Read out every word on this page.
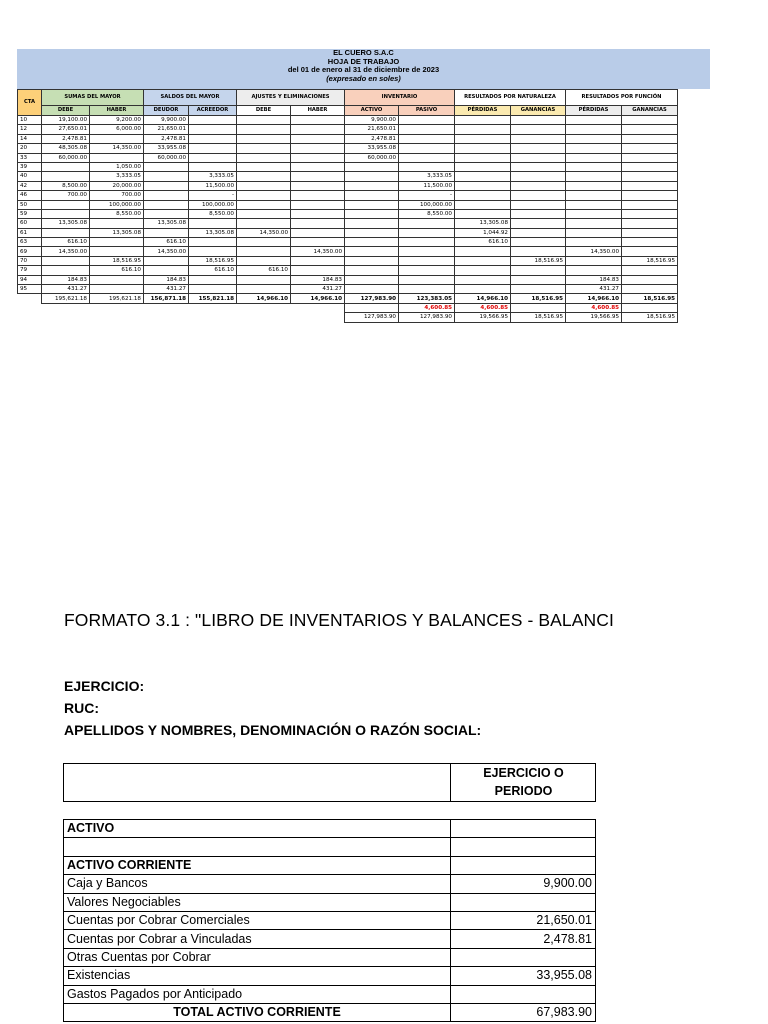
EL CUERO S.A.C
HOJA DE TRABAJO
del 01 de enero al 31 de diciembre de 2023
(expresado en soles)
CTA	SUMAS DEL MAYOR		SALDOS DEL MAYOR		AJUSTES Y ELIMINACIONES		INVENTARIO		RESULTADOS POR NATURALEZA		RESULTADOS POR FUNCIÓN	
	DEBE	HABER	DEUDOR	ACREEDOR	DEBE	HABER	ACTIVO	PASIVO	PÉRDIDAS	GANANCIAS	PÉRDIDAS	GANANCIAS
10	19,100.00	9,200.00	9,900.00				9,900.00					
12	27,650.01	6,000.00	21,650.01				21,650.01					
14	2,478.81		2,478.81				2,478.81					
20	48,305.08	14,350.00	33,955.08				33,955.08					
33	60,000.00		60,000.00				60,000.00					
39		1,050.00										
40		3,333.05		3,333.05				3,333.05				
42	8,500.00	20,000.00		11,500.00				11,500.00				
46	700.00	700.00		-				-				
50		100,000.00		100,000.00				100,000.00				
59		8,550.00		8,550.00				8,550.00				
60	13,305.08		13,305.08						13,305.08			
61		13,305.08		13,305.08	14,350.00				1,044.92			
63	616.10		616.10						616.10			
69	14,350.00		14,350.00			14,350.00					14,350.00	
70		18,516.95		18,516.95						18,516.95		18,516.95
79		616.10		616.10	616.10							
94	184.83		184.83			184.83					184.83	
95	431.27		431.27			431.27					431.27	
	195,621.18	195,621.18	156,871.18	155,821.18	14,966.10	14,966.10	127,983.90	123,383.05	14,966.10	18,516.95	14,966.10	18,516.95
								4,600.85	4,600.85		4,600.85	
							127,983.90	127,983.90	19,566.95	18,516.95	19,566.95	18,516.95
FORMATO 3.1 : "LIBRO DE INVENTARIOS Y BALANCES - BALANCI
EJERCICIO:
RUC:
APELLIDOS Y NOMBRES, DENOMINACIÓN O RAZÓN SOCIAL:
EJERCICIO O
PERIODO
ACTIVO	

ACTIVO CORRIENTE	
Caja y Bancos	9,900.00
Valores Negociables	
Cuentas por Cobrar Comerciales	21,650.01
Cuentas por Cobrar a Vinculadas	2,478.81
Otras Cuentas por Cobrar	
Existencias	33,955.08
Gastos Pagados por Anticipado	
TOTAL ACTIVO CORRIENTE	67,983.90
